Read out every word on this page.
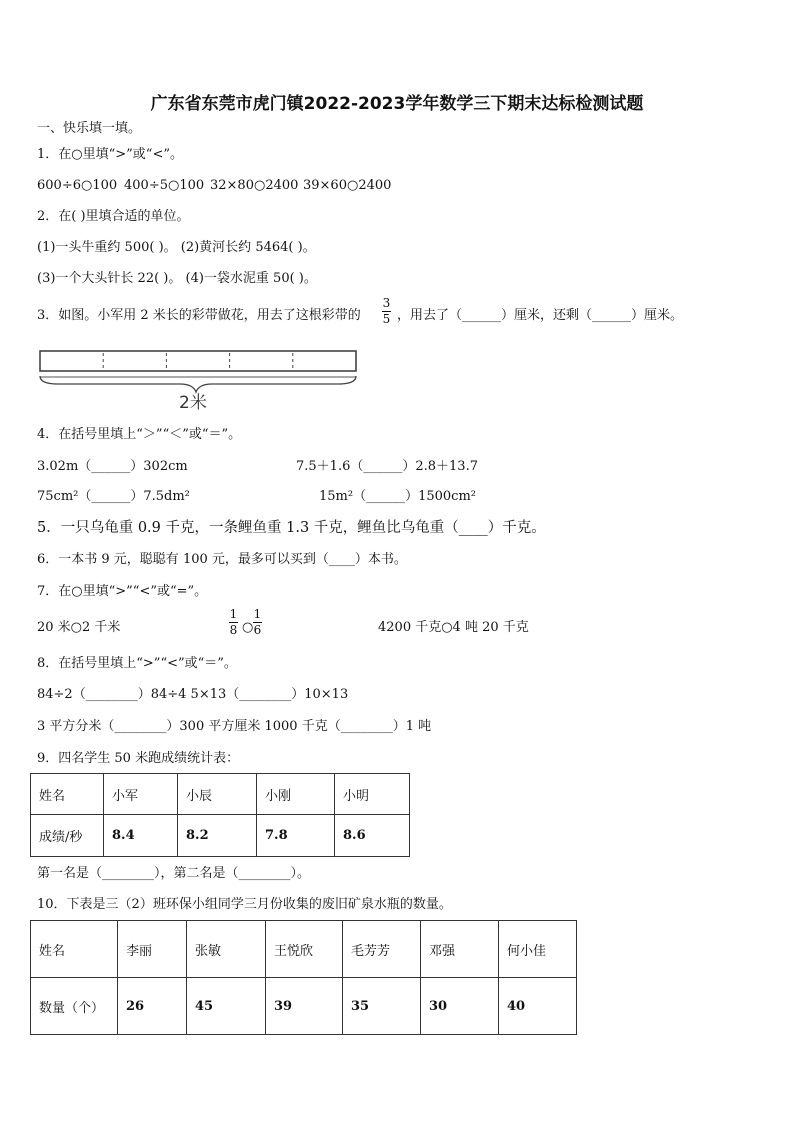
广东省东莞市虎门镇2022-2023学年数学三下期末达标检测试题
一、快乐填一填。
1．在○里填“>”或“<”。
600÷6○100 400÷5○100 32×80○2400 39×60○2400
2．在( )里填合适的单位。
(1)一头牛重约 500( )。 (2)黄河长约 5464( )。
(3)一个大头针长 22( )。 (4)一袋水泥重 50( )。
3．如图。小军用 2 米长的彩带做花，用去了这根彩带的
3
5 ，用去了（______）厘米，还剩（______）厘米。
2米
4．在括号里填上“＞”“＜”或“＝”。
3.02m（______）302cm	7.5＋1.6（______）2.8＋13.7
75cm²（______）7.5dm²	15m²（______）1500cm²
5．一只乌龟重 0.9 千克，一条鲤鱼重 1.3 千克，鲤鱼比乌龟重（____）千克。
6．一本书 9 元，聪聪有 100 元，最多可以买到（____）本书。
7．在○里填“>”“<”或“=”。
20 米○2 千米
1
8 ○
1
6	4200 千克○4 吨 20 千克
8．在括号里填上“>”“<”或“＝”。
84÷2（________）84÷4 5×13（________）10×13
3 平方分米（________）300 平方厘米 1000 千克（________）1 吨
9．四名学生 50 米跑成绩统计表：
姓名	小军	小辰	小刚	小明
成绩/秒	8.4	8.2	7.8	8.6
第一名是（________），第二名是（________）。
10．下表是三（2）班环保小组同学三月份收集的废旧矿泉水瓶的数量。
姓名	李丽	张敏	王悦欣	毛芳芳	邓强	何小佳
数量（个）	26	45	39	35	30	40
